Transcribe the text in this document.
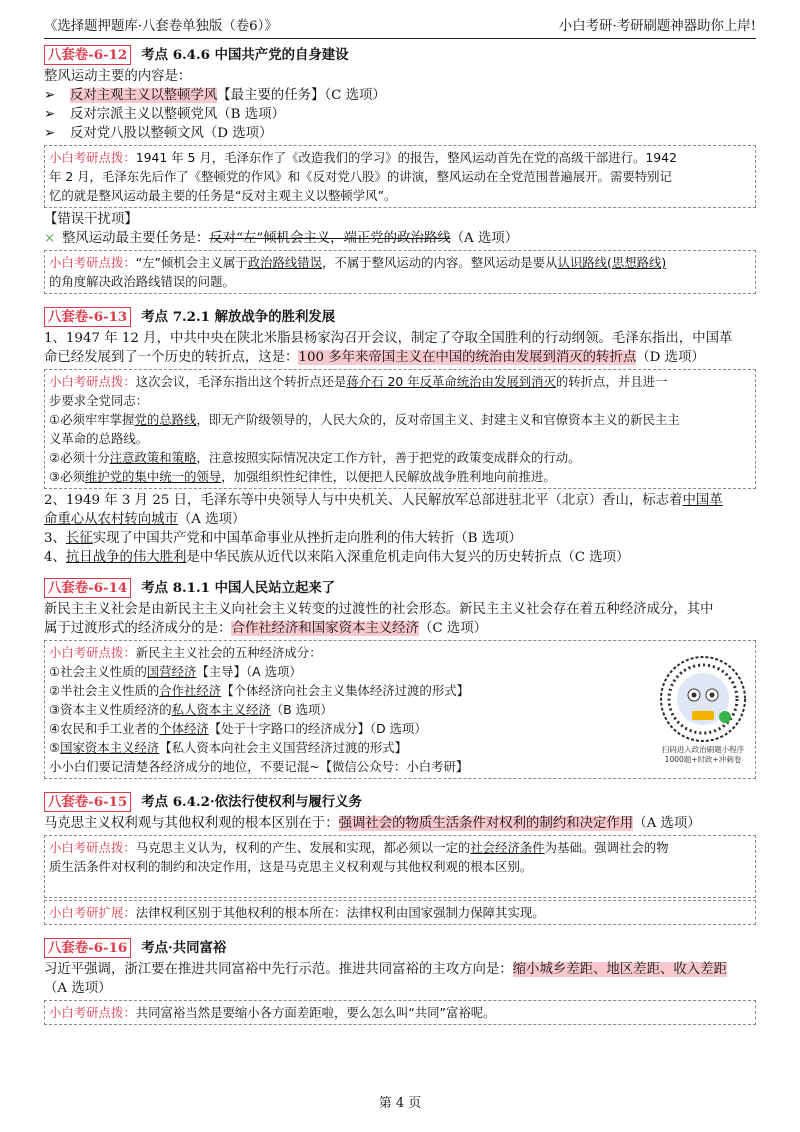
《选择题押题库·八套卷单独版（卷6）》	小白考研·考研刷题神器助你上岸!
八套卷-6-12 考点 6.4.6 中国共产党的自身建设
整风运动主要的内容是：
➢ 反对主观主义以整顿学风【最主要的任务】（C 选项）
➢ 反对宗派主义以整顿党风（B 选项）
➢ 反对党八股以整顿文风（D 选项）
小白考研点拨：1941 年 5 月，毛泽东作了《改造我们的学习》的报告，整风运动首先在党的高级干部进行。1942
年 2 月，毛泽东先后作了《整顿党的作风》和《反对党八股》的讲演，整风运动在全党范围普遍展开。需要特别记
忆的就是整风运动最主要的任务是“反对主观主义以整顿学风”。
【错误干扰项】
× 整风运动最主要任务是：反对“左”倾机会主义，端正党的政治路线（A 选项）
小白考研点拨：“左”倾机会主义属于政治路线错误，不属于整风运动的内容。整风运动是要从认识路线(思想路线)
的角度解决政治路线错误的问题。
八套卷-6-13 考点 7.2.1 解放战争的胜利发展
1、1947 年 12 月，中共中央在陕北米脂县杨家沟召开会议，制定了夺取全国胜利的行动纲领。毛泽东指出，中国革
命已经发展到了一个历史的转折点，这是：100 多年来帝国主义在中国的统治由发展到消灭的转折点（D 选项）
小白考研点拨：这次会议，毛泽东指出这个转折点还是蒋介石 20 年反革命统治由发展到消灭的转折点，并且进一
步要求全党同志：
①必须牢牢掌握党的总路线，即无产阶级领导的，人民大众的，反对帝国主义、封建主义和官僚资本主义的新民主主
义革命的总路线。
②必须十分注意政策和策略，注意按照实际情况决定工作方针，善于把党的政策变成群众的行动。
③必须维护党的集中统一的领导，加强组织性纪律性，以便把人民解放战争胜利地向前推进。
2、1949 年 3 月 25 日，毛泽东等中央领导人与中央机关、人民解放军总部进驻北平（北京）香山，标志着中国革
命重心从农村转向城市（A 选项）
3、长征实现了中国共产党和中国革命事业从挫折走向胜利的伟大转折（B 选项）
4、抗日战争的伟大胜利是中华民族从近代以来陷入深重危机走向伟大复兴的历史转折点（C 选项）
八套卷-6-14 考点 8.1.1 中国人民站立起来了
新民主主义社会是由新民主主义向社会主义转变的过渡性的社会形态。新民主主义社会存在着五种经济成分，其中
属于过渡形式的经济成分的是：合作社经济和国家资本主义经济（C 选项）
小白考研点拨：新民主主义社会的五种经济成分：
①社会主义性质的国营经济【主导】（A 选项）
②半社会主义性质的合作社经济【个体经济向社会主义集体经济过渡的形式】
③资本主义性质经济的私人资本主义经济（B 选项）
④农民和手工业者的个体经济【处于十字路口的经济成分】（D 选项）
⑤国家资本主义经济【私人资本向社会主义国营经济过渡的形式】
小小白们要记清楚各经济成分的地位，不要记混~【微信公众号：小白考研】
扫码进入政治刷题小程序
1000题+时政+冲刺卷
八套卷-6-15 考点 6.4.2·依法行使权利与履行义务
马克思主义权利观与其他权利观的根本区别在于：强调社会的物质生活条件对权利的制约和决定作用（A 选项）
小白考研点拨：马克思主义认为，权利的产生、发展和实现，都必须以一定的社会经济条件为基础。强调社会的物
质生活条件对权利的制约和决定作用，这是马克思主义权利观与其他权利观的根本区别。

小白考研扩展：法律权利区别于其他权利的根本所在：法律权利由国家强制力保障其实现。
八套卷-6-16 考点·共同富裕
习近平强调，浙江要在推进共同富裕中先行示范。推进共同富裕的主攻方向是：缩小城乡差距、地区差距、收入差距
（A 选项）
小白考研点拨：共同富裕当然是要缩小各方面差距啦，要么怎么叫“共同”富裕呢。
第 4 页
